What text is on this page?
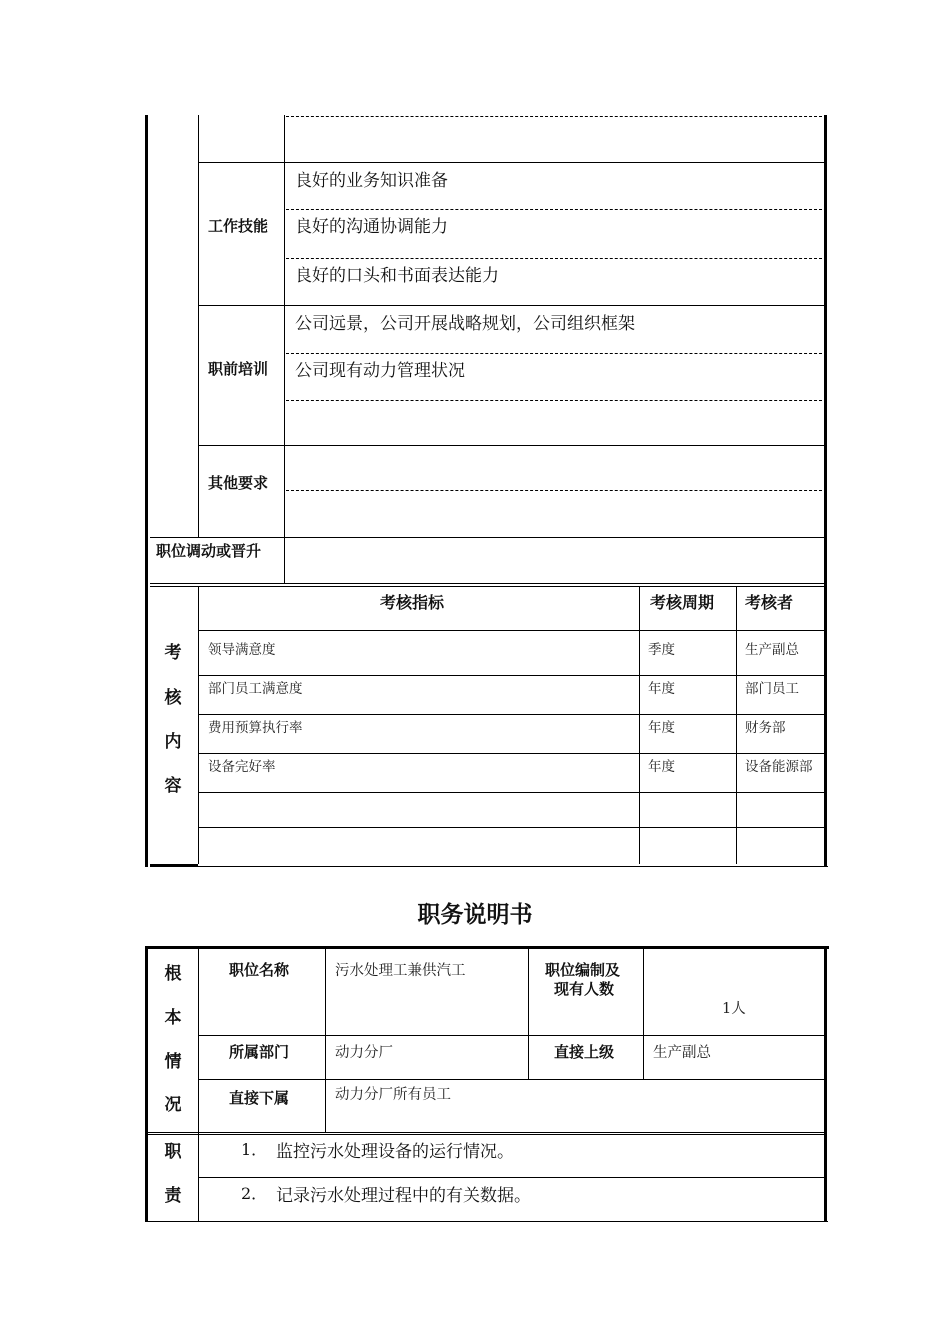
工作技能
良好的业务知识准备
良好的沟通协调能力
良好的口头和书面表达能力
职前培训
公司远景，公司开展战略规划，公司组织框架
公司现有动力管理状况
其他要求
职位调动或晋升
考
核
内
容
考核指标	考核周期 考核者
领导满意度	季度	生产副总
部门员工满意度	年度	部门员工
费用预算执行率	年度	财务部
设备完好率	年度	设备能源部
职务说明书
根
本
情
况
职位名称	污水处理工兼供汽工	职位编制及
现有人数
1人
所属部门	动力分厂	直接上级	生产副总
直接下属	动力分厂所有员工
职
责
1． 监控污水处理设备的运行情况。
2． 记录污水处理过程中的有关数据。
